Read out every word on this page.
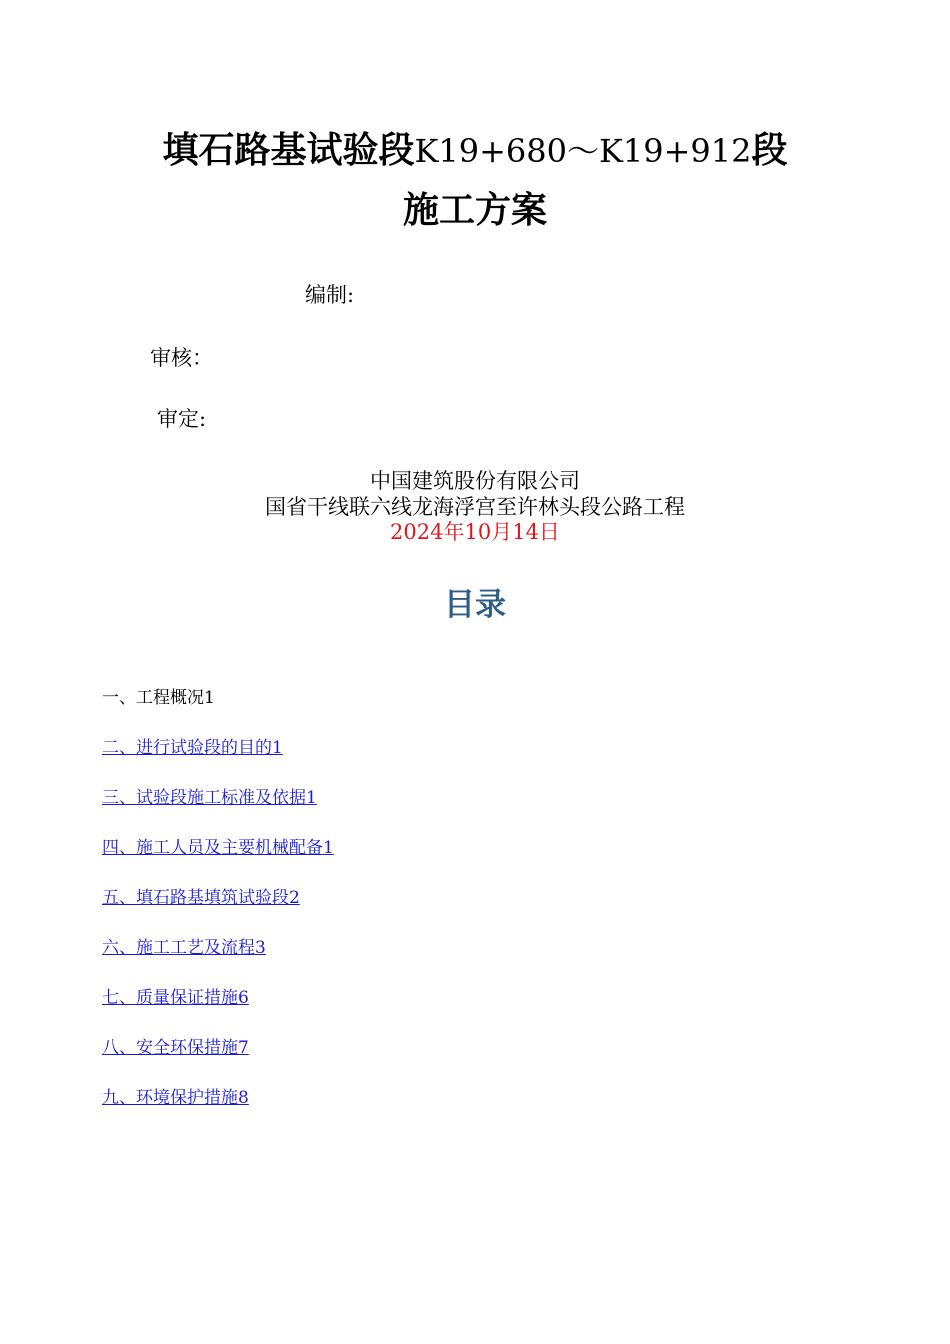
填石路基试验段K19+680～K19+912段
施工方案
编制:
审核：
审定:
中国建筑股份有限公司
国省干线联六线龙海浮宫至许林头段公路工程
2024年10月14日
目录
一、工程概况1
二、进行试验段的目的1
三、试验段施工标准及依据1
四、施工人员及主要机械配备1
五、填石路基填筑试验段2
六、施工工艺及流程3
七、质量保证措施6
八、安全环保措施7
九、环境保护措施8
